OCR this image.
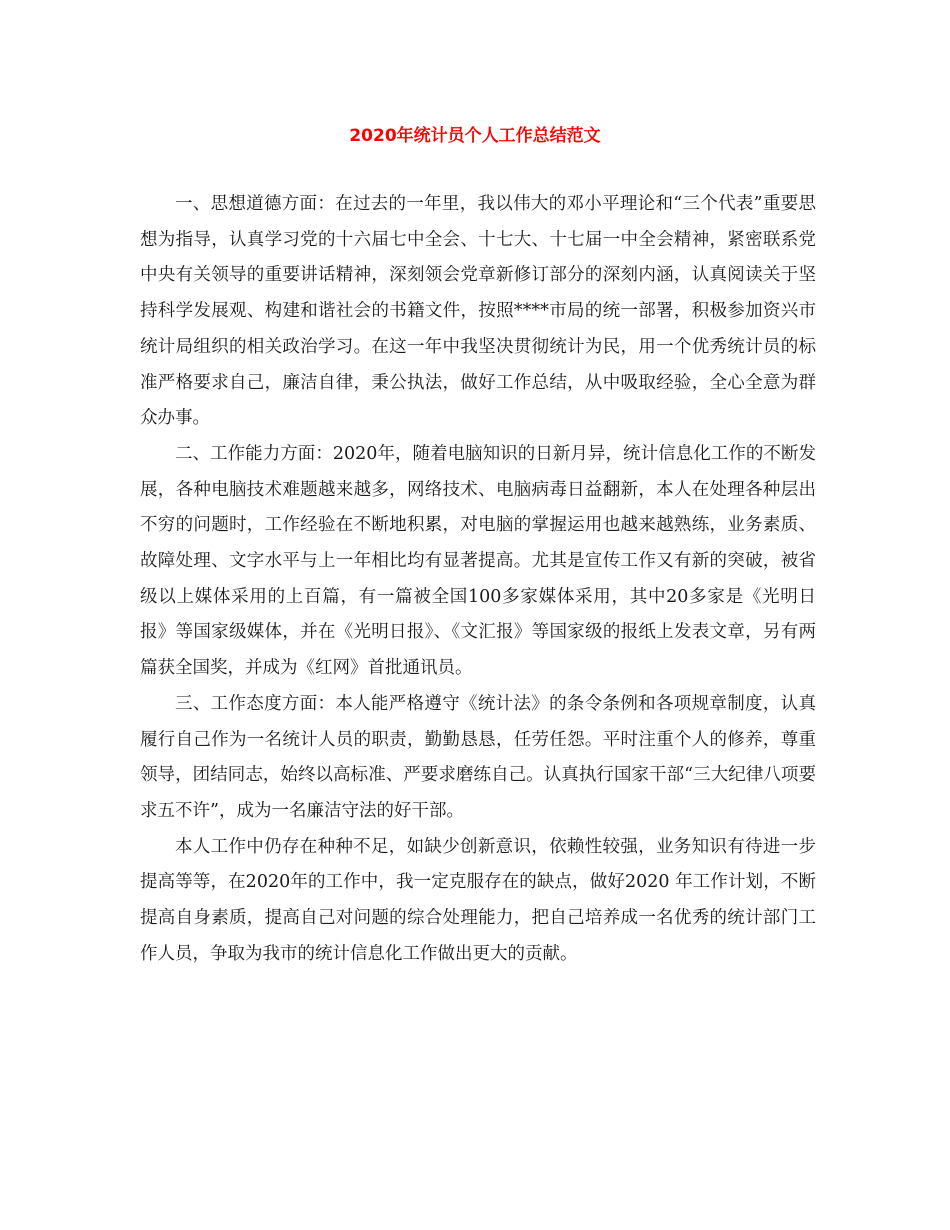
2020年统计员个人工作总结范文

一、思想道德方面：在过去的一年里，我以伟大的邓小平理论和“三个代表”重要思想为指导，认真学习党的十六届七中全会、十七大、十七届一中全会精神，紧密联系党中央有关领导的重要讲话精神，深刻领会党章新修订部分的深刻内涵，认真阅读关于坚持科学发展观、构建和谐社会的书籍文件，按照****市局的统一部署，积极参加资兴市统计局组织的相关政治学习。在这一年中我坚决贯彻统计为民，用一个优秀统计员的标准严格要求自己，廉洁自律，秉公执法，做好工作总结，从中吸取经验，全心全意为群众办事。

二、工作能力方面：2020年，随着电脑知识的日新月异，统计信息化工作的不断发展，各种电脑技术难题越来越多，网络技术、电脑病毒日益翻新，本人在处理各种层出不穷的问题时，工作经验在不断地积累，对电脑的掌握运用也越来越熟练，业务素质、故障处理、文字水平与上一年相比均有显著提高。尤其是宣传工作又有新的突破，被省级以上媒体采用的上百篇，有一篇被全国100多家媒体采用，其中20多家是《光明日报》等国家级媒体，并在《光明日报》、《文汇报》等国家级的报纸上发表文章，另有两篇获全国奖，并成为《红网》首批通讯员。

三、工作态度方面：本人能严格遵守《统计法》的条令条例和各项规章制度，认真履行自己作为一名统计人员的职责，勤勤恳恳，任劳任怨。平时注重个人的修养，尊重领导，团结同志，始终以高标准、严要求磨练自己。认真执行国家干部“三大纪律八项要求五不许”，成为一名廉洁守法的好干部。

本人工作中仍存在种种不足，如缺少创新意识，依赖性较强，业务知识有待进一步提高等等，在2020年的工作中，我一定克服存在的缺点，做好2020 年工作计划，不断提高自身素质，提高自己对问题的综合处理能力，把自己培养成一名优秀的统计部门工作人员，争取为我市的统计信息化工作做出更大的贡献。
